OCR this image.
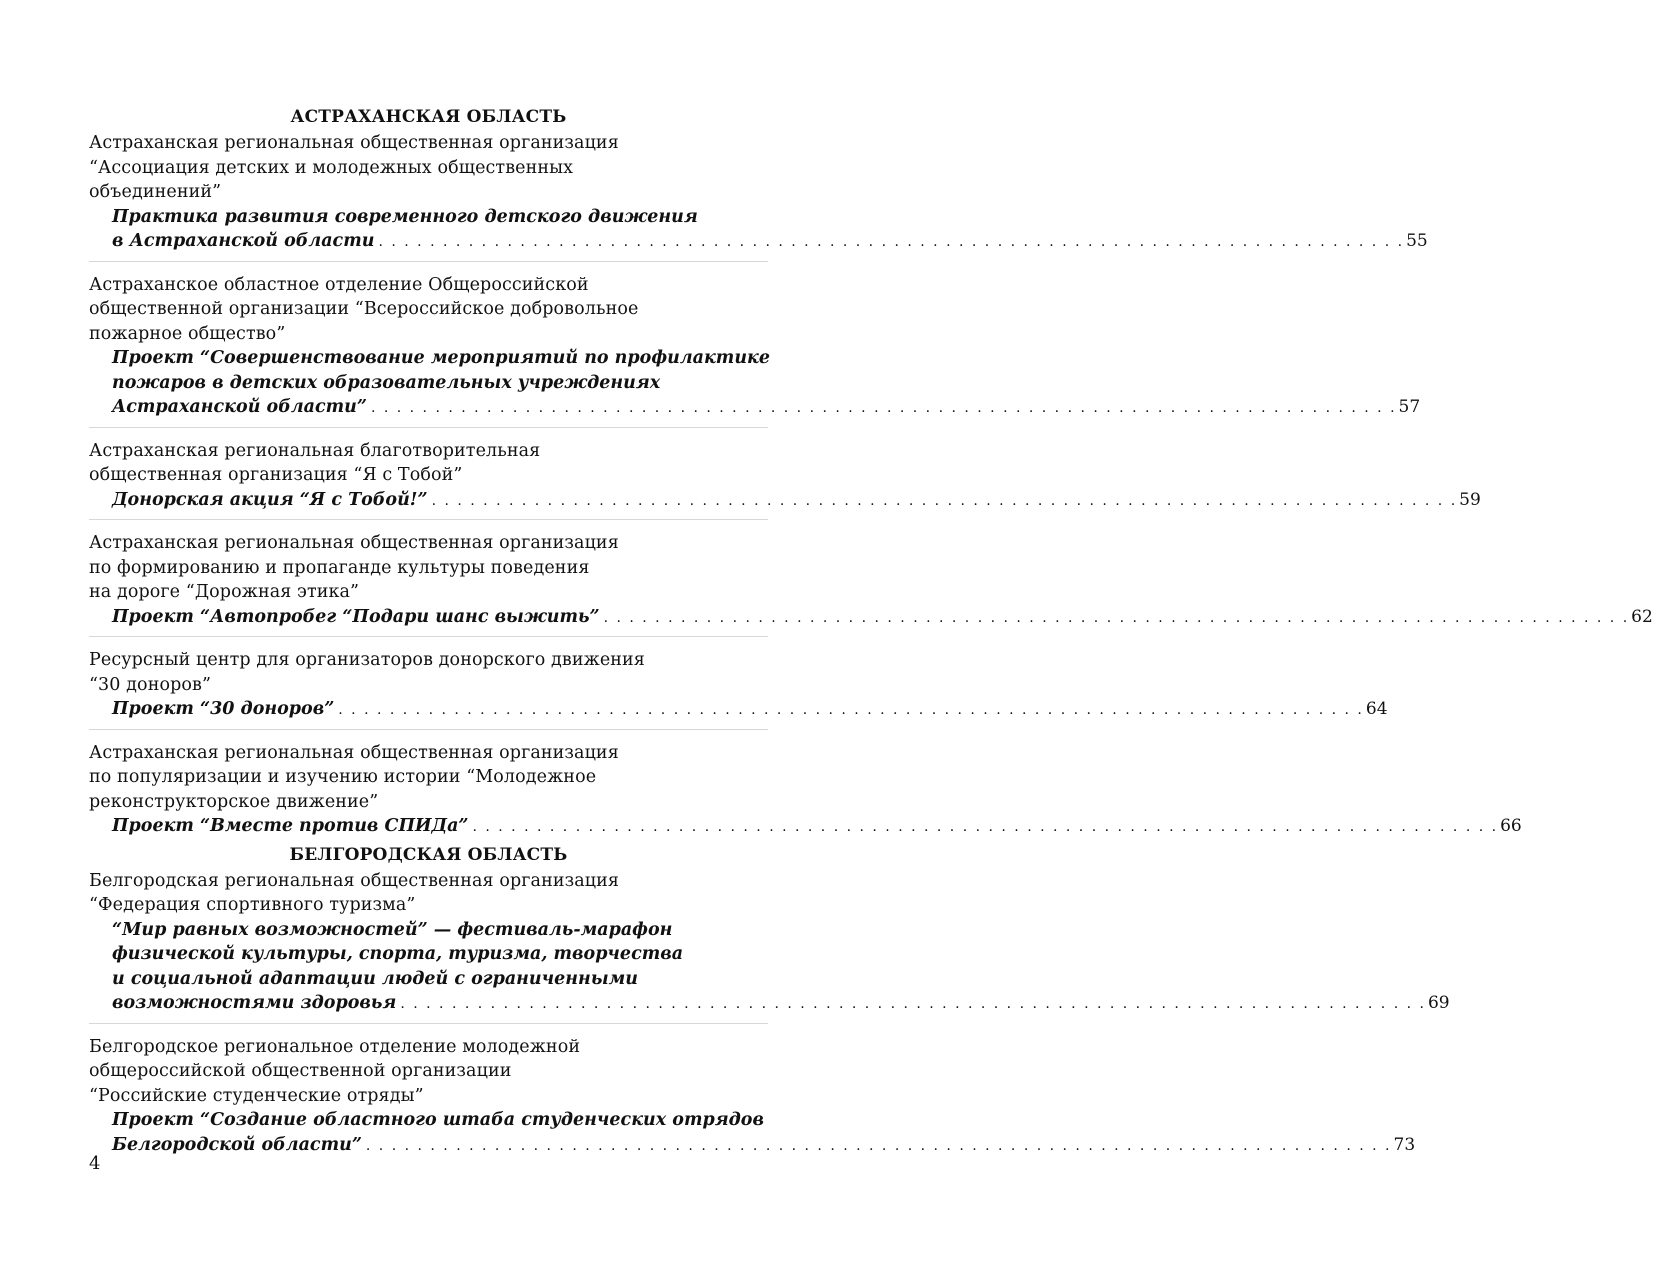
АСТРАХАНСКАЯ ОБЛАСТЬ
Астраханская региональная общественная организация
“Ассоциация детских и молодежных общественных
объединений”
Практика развития современного детского движения
в Астраханской области . . . . . . . . . . . . . . . . . . . . . . . . . . . . . . . . . . . . . . . . . . . . . . . . . . . . . . . . . . . . . . . . . . . . . . . . . . . . . . . . 55
Астраханское областное отделение Общероссийской
общественной организации “Всероссийское добровольное
пожарное общество”
Проект “Совершенствование мероприятий по профилактике
пожаров в детских образовательных учреждениях
Астраханской области” . . . . . . . . . . . . . . . . . . . . . . . . . . . . . . . . . . . . . . . . . . . . . . . . . . . . . . . . . . . . . . . . . . . . . . . . . . . . . . . . 57
Астраханская региональная благотворительная
общественная организация “Я с Тобой”
Донорская акция “Я с Тобой!” . . . . . . . . . . . . . . . . . . . . . . . . . . . . . . . . . . . . . . . . . . . . . . . . . . . . . . . . . . . . . . . . . . . . . . . . . . . . . . . . 59
Астраханская региональная общественная организация
по формированию и пропаганде культуры поведения
на дороге “Дорожная этика”
Проект “Автопробег “Подари шанс выжить” . . . . . . . . . . . . . . . . . . . . . . . . . . . . . . . . . . . . . . . . . . . . . . . . . . . . . . . . . . . . . . . . . . . . . . . . . . . . . . . . 62
Ресурсный центр для организаторов донорского движения
“30 доноров”
Проект “30 доноров” . . . . . . . . . . . . . . . . . . . . . . . . . . . . . . . . . . . . . . . . . . . . . . . . . . . . . . . . . . . . . . . . . . . . . . . . . . . . . . . . 64
Астраханская региональная общественная организация
по популяризации и изучению истории “Молодежное
реконструкторское движение”
Проект “Вместе против СПИДа” . . . . . . . . . . . . . . . . . . . . . . . . . . . . . . . . . . . . . . . . . . . . . . . . . . . . . . . . . . . . . . . . . . . . . . . . . . . . . . . . 66
БЕЛГОРОДСКАЯ ОБЛАСТЬ
Белгородская региональная общественная организация
“Федерация спортивного туризма”
“Мир равных возможностей” — фестиваль-марафон
физической культуры, спорта, туризма, творчества
и социальной адаптации людей с ограниченными
возможностями здоровья . . . . . . . . . . . . . . . . . . . . . . . . . . . . . . . . . . . . . . . . . . . . . . . . . . . . . . . . . . . . . . . . . . . . . . . . . . . . . . . . 69
Белгородское региональное отделение молодежной
общероссийской общественной организации
“Российские студенческие отряды”
Проект “Создание областного штаба студенческих отрядов
Белгородской области” . . . . . . . . . . . . . . . . . . . . . . . . . . . . . . . . . . . . . . . . . . . . . . . . . . . . . . . . . . . . . . . . . . . . . . . . . . . . . . . . 73
4
